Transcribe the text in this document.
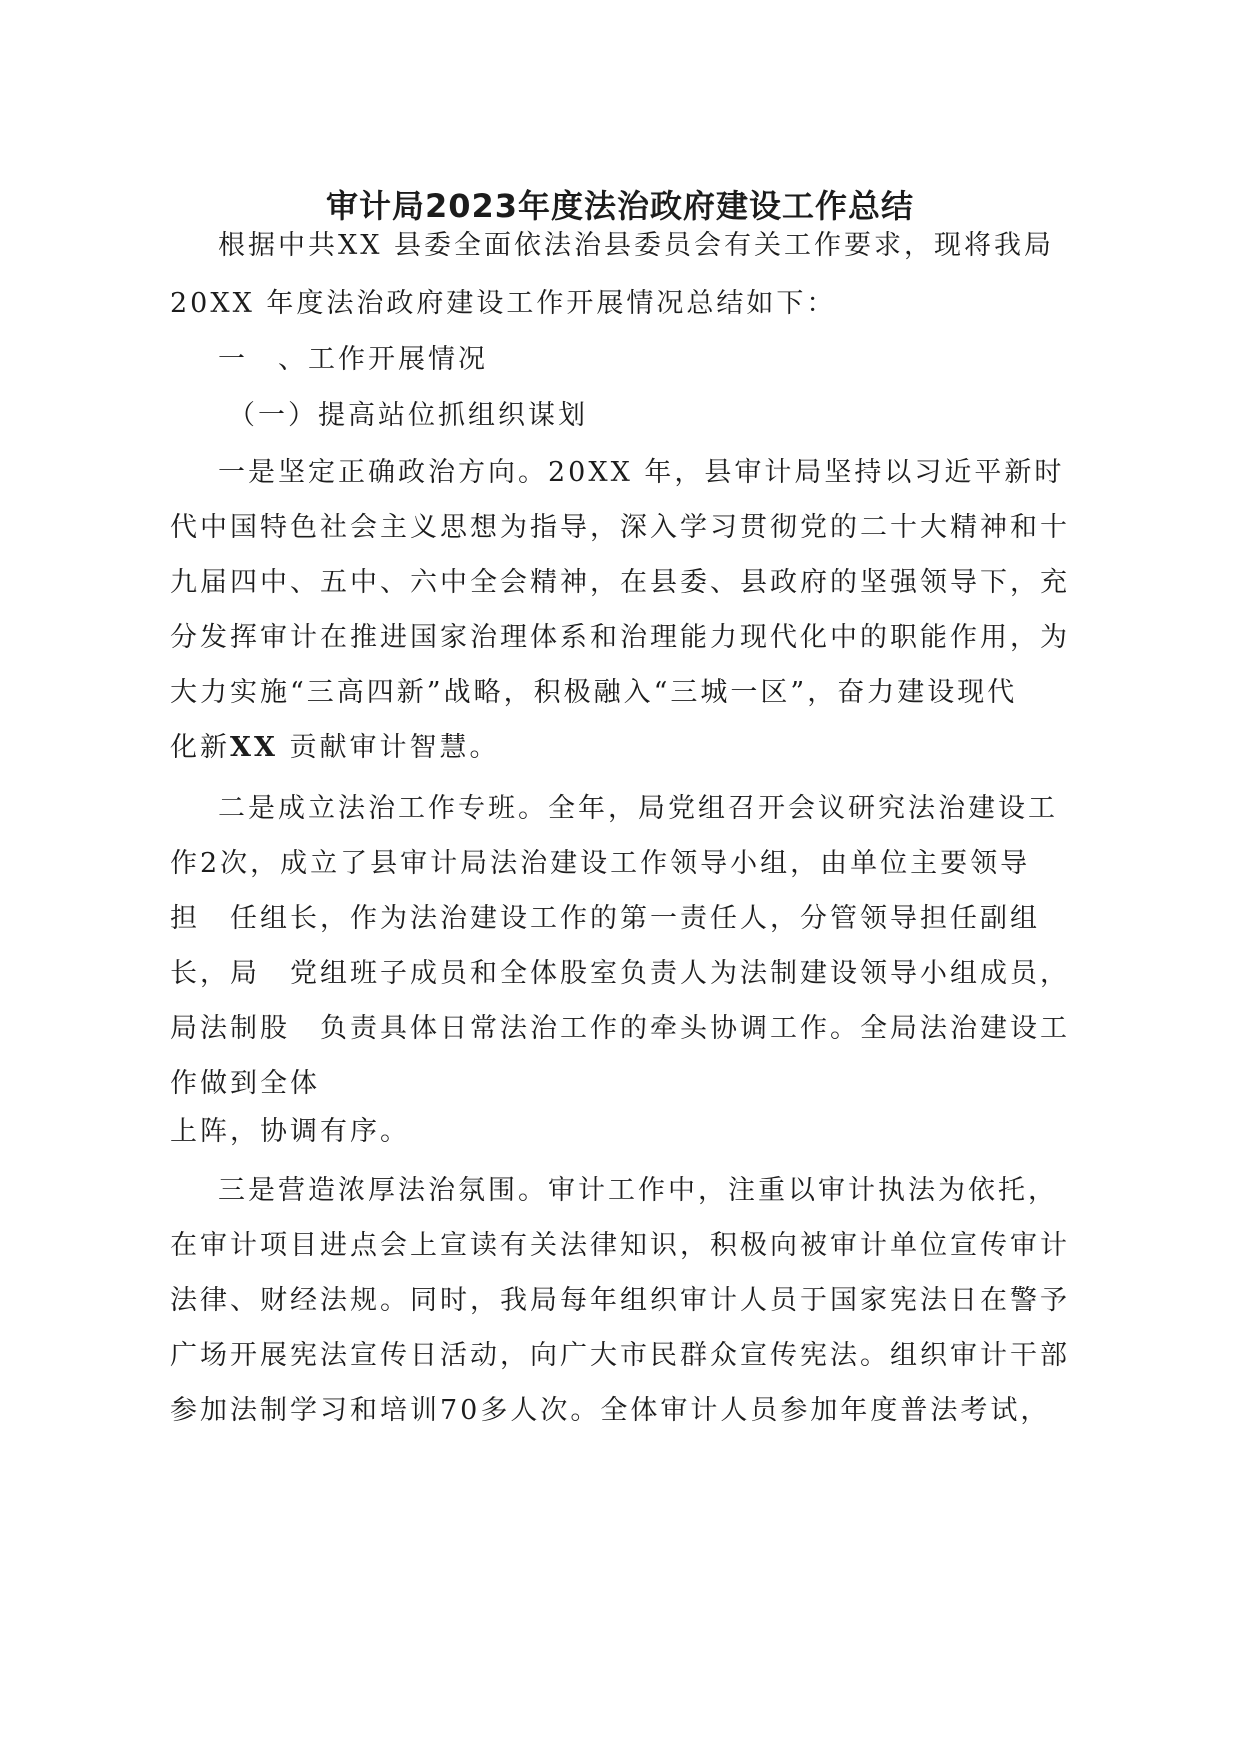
审计局2023年度法治政府建设工作总结
根据中共XX 县委全面依法治县委员会有关工作要求，现将我局
20XX 年度法治政府建设工作开展情况总结如下：
一　、工作开展情况
（一）提高站位抓组织谋划
一是坚定正确政治方向。20XX 年，县审计局坚持以习近平新时
代中国特色社会主义思想为指导，深入学习贯彻党的二十大精神和十
九届四中、五中、六中全会精神，在县委、县政府的坚强领导下，充
分发挥审计在推进国家治理体系和治理能力现代化中的职能作用，为
大力实施“三高四新”战略，积极融入“三城一区”，奋力建设现代
化新XX 贡献审计智慧。
二是成立法治工作专班。全年，局党组召开会议研究法治建设工
作2次，成立了县审计局法治建设工作领导小组，由单位主要领导
担　任组长，作为法治建设工作的第一责任人，分管领导担任副组
长，局　党组班子成员和全体股室负责人为法制建设领导小组成员，
局法制股　负责具体日常法治工作的牵头协调工作。全局法治建设工
作做到全体
上阵，协调有序。
三是营造浓厚法治氛围。审计工作中，注重以审计执法为依托，
在审计项目进点会上宣读有关法律知识，积极向被审计单位宣传审计
法律、财经法规。同时，我局每年组织审计人员于国家宪法日在警予
广场开展宪法宣传日活动，向广大市民群众宣传宪法。组织审计干部
参加法制学习和培训70多人次。全体审计人员参加年度普法考试，
